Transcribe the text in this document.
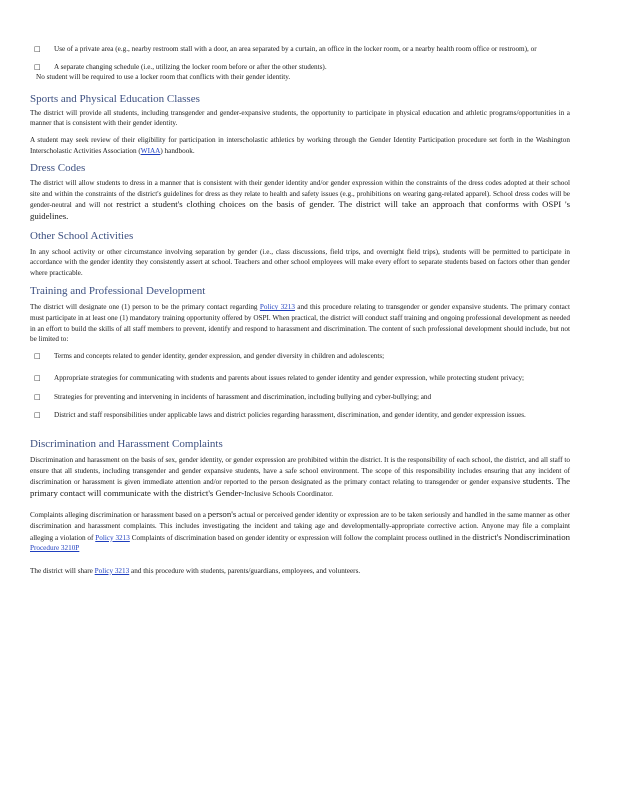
□ Use of a private area (e.g., nearby restroom stall with a door, an area separated by a curtain, an office in the locker room, or a nearby health room office or restroom), or
□ A separate changing schedule (i.e., utilizing the locker room before or after the other students).

No student will be required to use a locker room that conflicts with their gender identity.

Sports and Physical Education Classes

The district will provide all students, including transgender and gender-expansive students, the opportunity to participate in physical education and athletic programs/opportunities in a manner that is consistent with their gender identity.

A student may seek review of their eligibility for participation in interscholastic athletics by working through the Gender Identity Participation procedure set forth in the Washington Interscholastic Activities Association (WIAA) handbook.

Dress Codes

The district will allow students to dress in a manner that is consistent with their gender identity and/or gender expression within the constraints of the dress codes adopted at their school site and within the constraints of the district's guidelines for dress as they relate to health and safety issues (e.g., prohibitions on wearing gang-related apparel). School dress codes will be gender-neutral and will not restrict a student's clothing choices on the basis of gender. The district will take an approach that conforms with OSPI 's guidelines.

Other School Activities

In any school activity or other circumstance involving separation by gender (i.e., class discussions, field trips, and overnight field trips), students will be permitted to participate in accordance with the gender identity they consistently assert at school. Teachers and other school employees will make every effort to separate students based on factors other than gender where practicable.

Training and Professional Development

The district will designate one (1) person to be the primary contact regarding Policy 3213 and this procedure relating to transgender or gender expansive students. The primary contact must participate in at least one (1) mandatory training opportunity offered by OSPI. When practical, the district will conduct staff training and ongoing professional development as needed in an effort to build the skills of all staff members to prevent, identify and respond to harassment and discrimination. The content of such professional development should include, but not be limited to:

□ Terms and concepts related to gender identity, gender expression, and gender diversity in children and adolescents;
□ Appropriate strategies for communicating with students and parents about issues related to gender identity and gender expression, while protecting student privacy;
□ Strategies for preventing and intervening in incidents of harassment and discrimination, including bullying and cyber-bullying; and
□ District and staff responsibilities under applicable laws and district policies regarding harassment, discrimination, and gender identity, and gender expression issues.
Discrimination and Harassment Complaints

Discrimination and harassment on the basis of sex, gender identity, or gender expression are prohibited within the district. It is the responsibility of each school, the district, and all staff to ensure that all students, including transgender and gender expansive students, have a safe school environment. The scope of this responsibility includes ensuring that any incident of discrimination or harassment is given immediate attention and/or reported to the person designated as the primary contact relating to transgender or gender expansive students. The primary contact will communicate with the district's Gender-Inclusive Schools Coordinator.

Complaints alleging discrimination or harassment based on a person's actual or perceived gender identity or expression are to be taken seriously and handled in the same manner as other discrimination and harassment complaints. This includes investigating the incident and taking age and developmentally-appropriate corrective action. Anyone may file a complaint alleging a violation of Policy 3213 Complaints of discrimination based on gender identity or expression will follow the complaint process outlined in the district's Nondiscrimination Procedure 3210P

The district will share Policy 3213 and this procedure with students, parents/guardians, employees, and volunteers.
